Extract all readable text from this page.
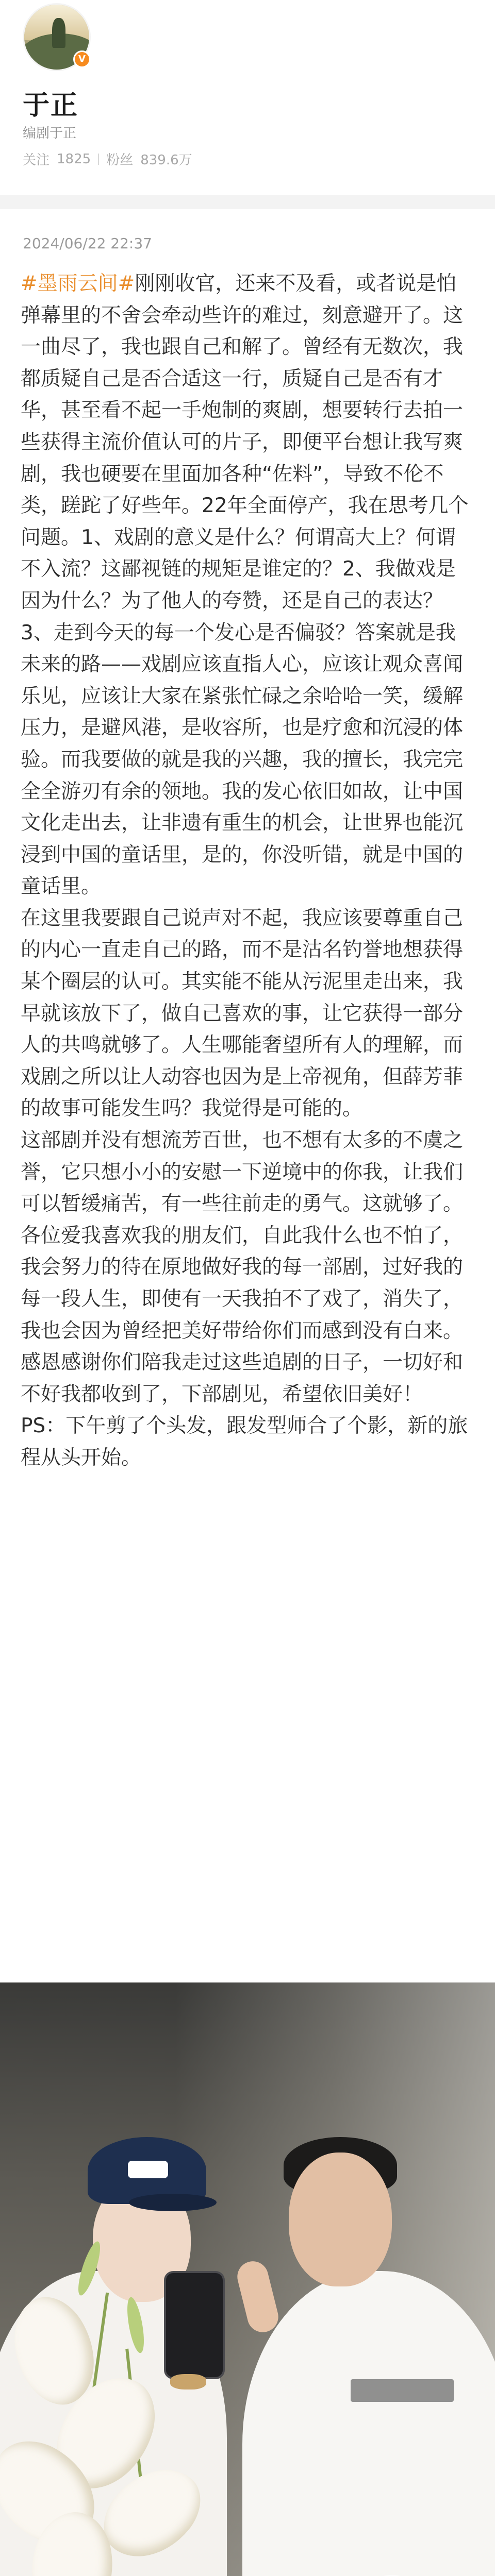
V
于正
编剧于正
关注 1825 粉丝 839.6万
2024/06/22 22:37

#墨雨云间#刚刚收官，还来不及看，或者说是怕弹幕里的不舍会牵动些许的难过，刻意避开了。这一曲尽了，我也跟自己和解了。曾经有无数次，我都质疑自己是否合适这一行，质疑自己是否有才华，甚至看不起一手炮制的爽剧，想要转行去拍一些获得主流价值认可的片子，即便平台想让我写爽剧，我也硬要在里面加各种“佐料”，导致不伦不类，蹉跎了好些年。22年全面停产，我在思考几个问题。1、戏剧的意义是什么？何谓高大上？何谓不入流？这鄙视链的规矩是谁定的？2、我做戏是因为什么？为了他人的夸赞，还是自己的表达？3、走到今天的每一个发心是否偏驳？答案就是我未来的路——戏剧应该直指人心，应该让观众喜闻乐见，应该让大家在紧张忙碌之余哈哈一笑，缓解压力，是避风港，是收容所，也是疗愈和沉浸的体验。而我要做的就是我的兴趣，我的擅长，我完完全全游刃有余的领地。我的发心依旧如故，让中国文化走出去，让非遗有重生的机会，让世界也能沉浸到中国的童话里，是的，你没听错，就是中国的童话里。

在这里我要跟自己说声对不起，我应该要尊重自己的内心一直走自己的路，而不是沽名钓誉地想获得某个圈层的认可。其实能不能从污泥里走出来，我早就该放下了，做自己喜欢的事，让它获得一部分人的共鸣就够了。人生哪能奢望所有人的理解，而戏剧之所以让人动容也因为是上帝视角，但薛芳菲的故事可能发生吗？我觉得是可能的。

这部剧并没有想流芳百世，也不想有太多的不虞之誉，它只想小小的安慰一下逆境中的你我，让我们可以暂缓痛苦，有一些往前走的勇气。这就够了。

各位爱我喜欢我的朋友们，自此我什么也不怕了，我会努力的待在原地做好我的每一部剧，过好我的每一段人生，即使有一天我拍不了戏了，消失了，我也会因为曾经把美好带给你们而感到没有白来。

感恩感谢你们陪我走过这些追剧的日子，一切好和不好我都收到了，下部剧见，希望依旧美好！

PS：下午剪了个头发，跟发型师合了个影，新的旅程从头开始。
